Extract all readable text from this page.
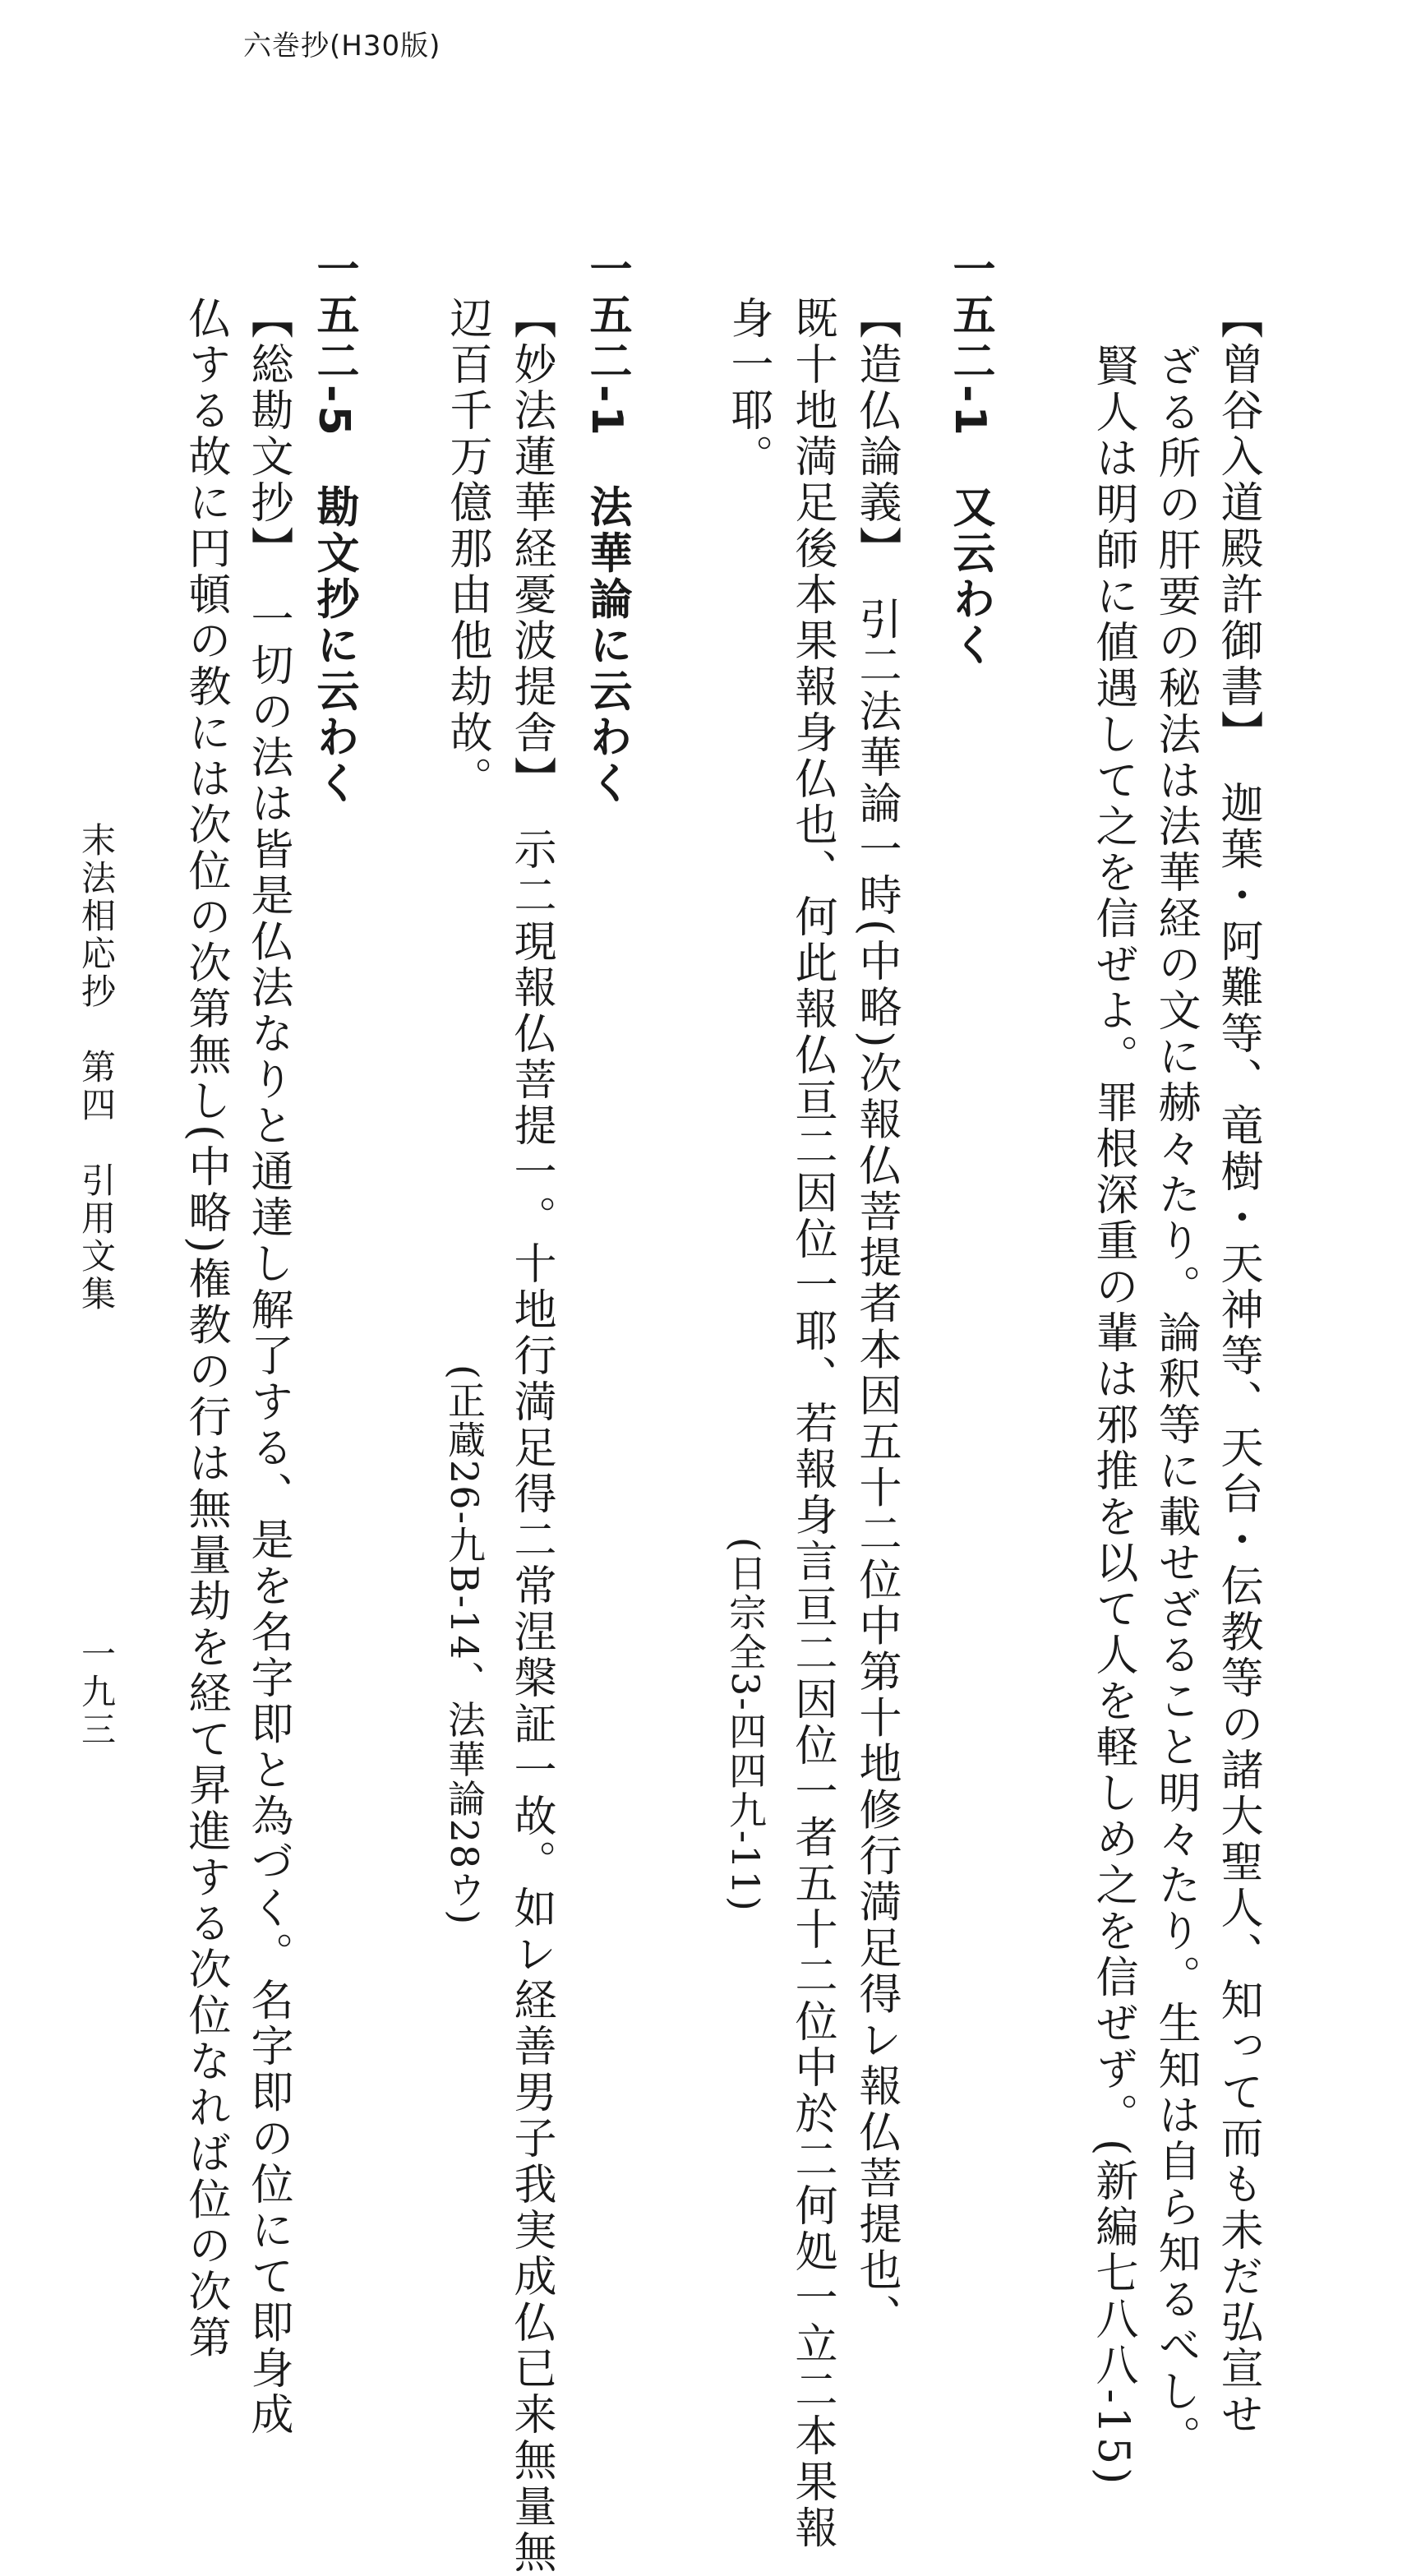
六巻抄(H30版)
【曾谷入道殿許御書】　迦葉・阿難等、竜樹・天神等、天台・伝教等の諸大聖人、知って而も未だ弘宣せ
ざる所の肝要の秘法は法華経の文に赫々たり。論釈等に載せざること明々たり。生知は自ら知るべし。
賢人は明師に値遇して之を信ぜよ。罪根深重の輩は邪推を以て人を軽しめ之を信ぜず。(新編七八八-15)
一五二-1　又云わく
【造仏論義】　引二法華論一時(中略)次報仏菩提者本因五十二位中第十地修行満足得レ報仏菩提也、
既十地満足後本果報身仏也、何此報仏亘二因位一耶、若報身言亘二因位一者五十二位中於二何処一立二本果報
身一耶。
(日宗全3-四四九-11)
一五二-1　法華論に云わく
【妙法蓮華経憂波提舎】　示二現報仏菩提一。十地行満足得二常涅槃証一故。如レ経善男子我実成仏已来無量無
辺百千万億那由他劫故。
(正蔵26-九B-14、法華論28ウ)
一五二-5　勘文抄に云わく
【総勘文抄】　一切の法は皆是仏法なりと通達し解了する、是を名字即と為づく。名字即の位にて即身成
仏する故に円頓の教には次位の次第無し(中略)権教の行は無量劫を経て昇進する次位なれば位の次第
末法相応抄　第四　引用文集
一九三
